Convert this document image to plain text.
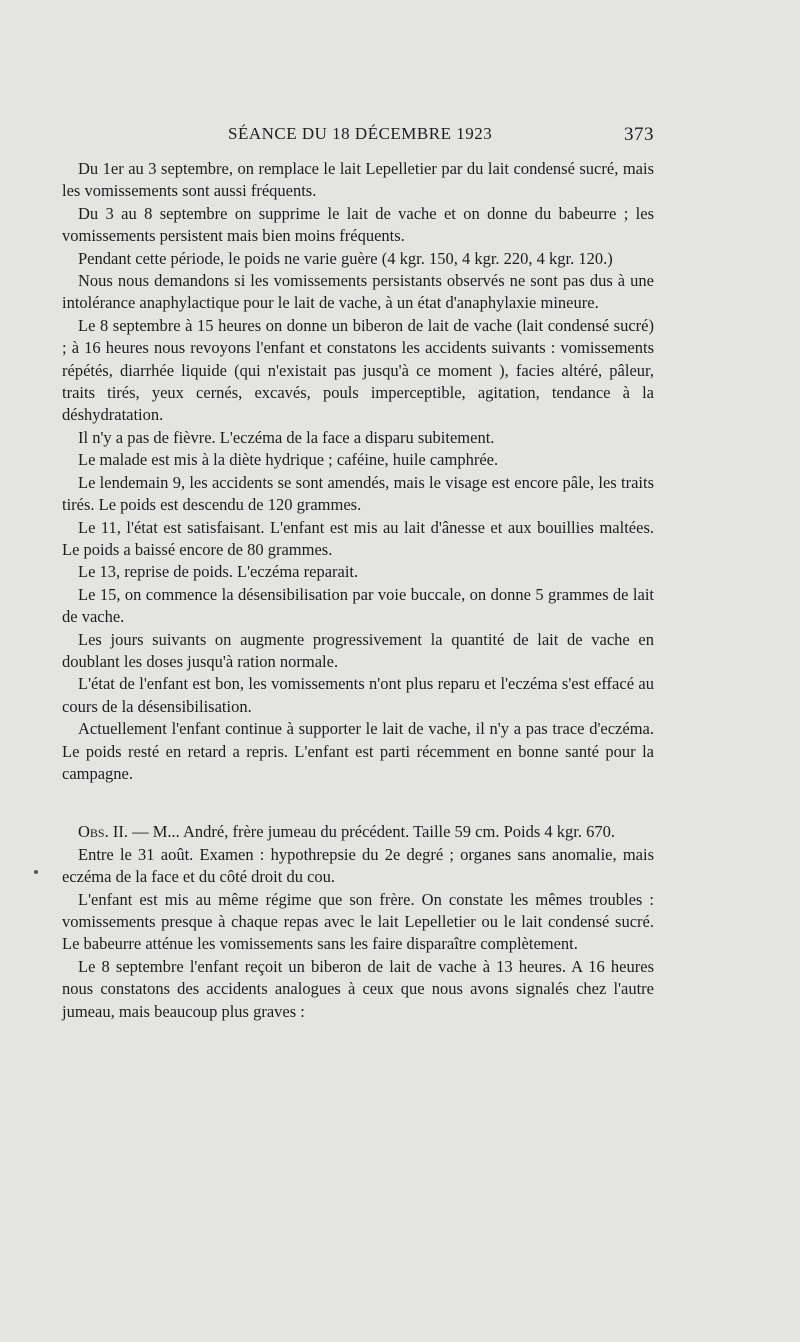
SÉANCE DU 18 DÉCEMBRE 1923	373

Du 1er au 3 septembre, on remplace le lait Lepelletier par du lait condensé sucré, mais les vomissements sont aussi fréquents.

Du 3 au 8 septembre on supprime le lait de vache et on donne du babeurre ; les vomissements persistent mais bien moins fréquents.

Pendant cette période, le poids ne varie guère (4 kgr. 150, 4 kgr. 220, 4 kgr. 120.)

Nous nous demandons si les vomissements persistants observés ne sont pas dus à une intolérance anaphylactique pour le lait de vache, à un état d'anaphylaxie mineure.

Le 8 septembre à 15 heures on donne un biberon de lait de vache (lait condensé sucré) ; à 16 heures nous revoyons l'enfant et constatons les accidents suivants : vomissements répétés, diarrhée liquide (qui n'existait pas jusqu'à ce moment ), facies altéré, pâleur, traits tirés, yeux cernés, excavés, pouls imperceptible, agitation, tendance à la déshydratation.

Il n'y a pas de fièvre. L'eczéma de la face a disparu subitement.

Le malade est mis à la diète hydrique ; caféine, huile camphrée.

Le lendemain 9, les accidents se sont amendés, mais le visage est encore pâle, les traits tirés. Le poids est descendu de 120 grammes.

Le 11, l'état est satisfaisant. L'enfant est mis au lait d'ânesse et aux bouillies maltées. Le poids a baissé encore de 80 grammes.

Le 13, reprise de poids. L'eczéma reparait.

Le 15, on commence la désensibilisation par voie buccale, on donne 5 grammes de lait de vache.

Les jours suivants on augmente progressivement la quantité de lait de vache en doublant les doses jusqu'à ration normale.

L'état de l'enfant est bon, les vomissements n'ont plus reparu et l'eczéma s'est effacé au cours de la désensibilisation.

Actuellement l'enfant continue à supporter le lait de vache, il n'y a pas trace d'eczéma. Le poids resté en retard a repris. L'enfant est parti récemment en bonne santé pour la campagne.

Obs. II. — M... André, frère jumeau du précédent. Taille 59 cm. Poids 4 kgr. 670.

Entre le 31 août. Examen : hypothrepsie du 2e degré ; organes sans anomalie, mais eczéma de la face et du côté droit du cou.

L'enfant est mis au même régime que son frère. On constate les mêmes troubles : vomissements presque à chaque repas avec le lait Lepelletier ou le lait condensé sucré. Le babeurre atténue les vomissements sans les faire disparaître complètement.

Le 8 septembre l'enfant reçoit un biberon de lait de vache à 13 heures. A 16 heures nous constatons des accidents analogues à ceux que nous avons signalés chez l'autre jumeau, mais beaucoup plus graves :
